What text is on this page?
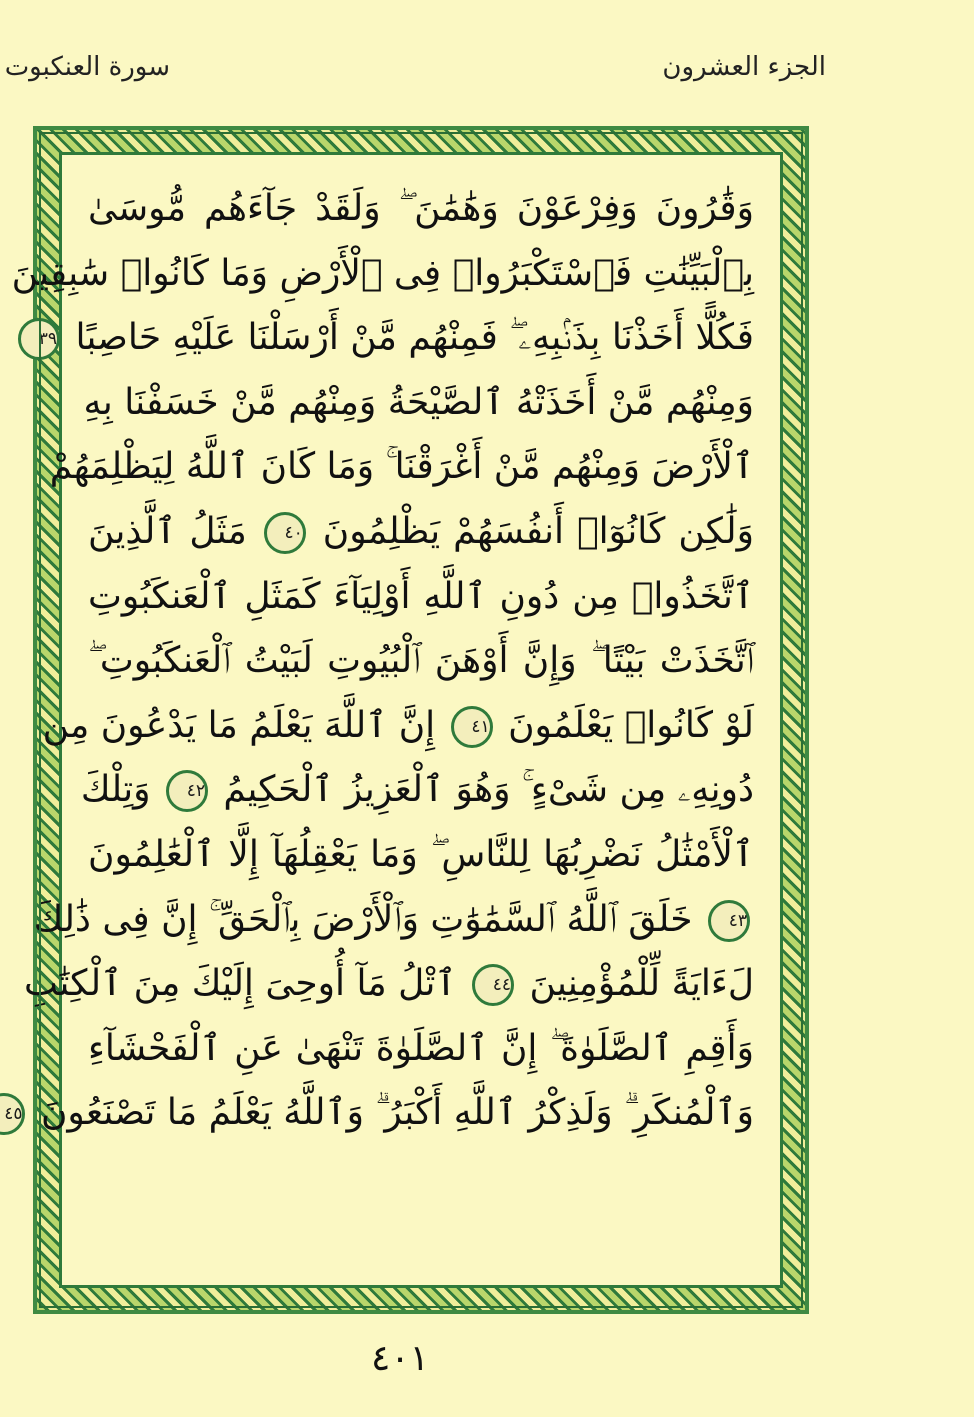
الجزء العشرون
سورة العنكبوت
وَقَٰرُونَ وَفِرْعَوْنَ وَهَٰمَٰنَ ۖ وَلَقَدْ جَآءَهُم مُّوسَىٰ
بِٱلْبَيِّنَٰتِ فَٱسْتَكْبَرُوا۟ فِى ٱلْأَرْضِ وَمَا كَانُوا۟ سَٰبِقِينَ
فَكُلًّا أَخَذْنَا بِذَنۢبِهِۦ ۖ فَمِنْهُم مَّنْ أَرْسَلْنَا عَلَيْهِ حَاصِبًا ٣٩
وَمِنْهُم مَّنْ أَخَذَتْهُ ٱلصَّيْحَةُ وَمِنْهُم مَّنْ خَسَفْنَا بِهِ
ٱلْأَرْضَ وَمِنْهُم مَّنْ أَغْرَقْنَا ۚ وَمَا كَانَ ٱللَّهُ لِيَظْلِمَهُمْ
وَلَٰكِن كَانُوٓا۟ أَنفُسَهُمْ يَظْلِمُونَ ٤٠ مَثَلُ ٱلَّذِينَ
ٱتَّخَذُوا۟ مِن دُونِ ٱللَّهِ أَوْلِيَآءَ كَمَثَلِ ٱلْعَنكَبُوتِ
ٱتَّخَذَتْ بَيْتًا ۖ وَإِنَّ أَوْهَنَ ٱلْبُيُوتِ لَبَيْتُ ٱلْعَنكَبُوتِ ۖ
لَوْ كَانُوا۟ يَعْلَمُونَ ٤١ إِنَّ ٱللَّهَ يَعْلَمُ مَا يَدْعُونَ مِن
دُونِهِۦ مِن شَىْءٍ ۚ وَهُوَ ٱلْعَزِيزُ ٱلْحَكِيمُ ٤٢ وَتِلْكَ
ٱلْأَمْثَٰلُ نَضْرِبُهَا لِلنَّاسِ ۖ وَمَا يَعْقِلُهَآ إِلَّا ٱلْعَٰلِمُونَ
٤٣ خَلَقَ ٱللَّهُ ٱلسَّمَٰوَٰتِ وَٱلْأَرْضَ بِٱلْحَقِّ ۚ إِنَّ فِى ذَٰلِكَ
لَءَايَةً لِّلْمُؤْمِنِينَ ٤٤ ٱتْلُ مَآ أُوحِىَ إِلَيْكَ مِنَ ٱلْكِتَٰبِ
وَأَقِمِ ٱلصَّلَوٰةَ ۖ إِنَّ ٱلصَّلَوٰةَ تَنْهَىٰ عَنِ ٱلْفَحْشَآءِ
وَٱلْمُنكَرِ ۗ وَلَذِكْرُ ٱللَّهِ أَكْبَرُ ۗ وَٱللَّهُ يَعْلَمُ مَا تَصْنَعُونَ ٤٥
٤٠١
